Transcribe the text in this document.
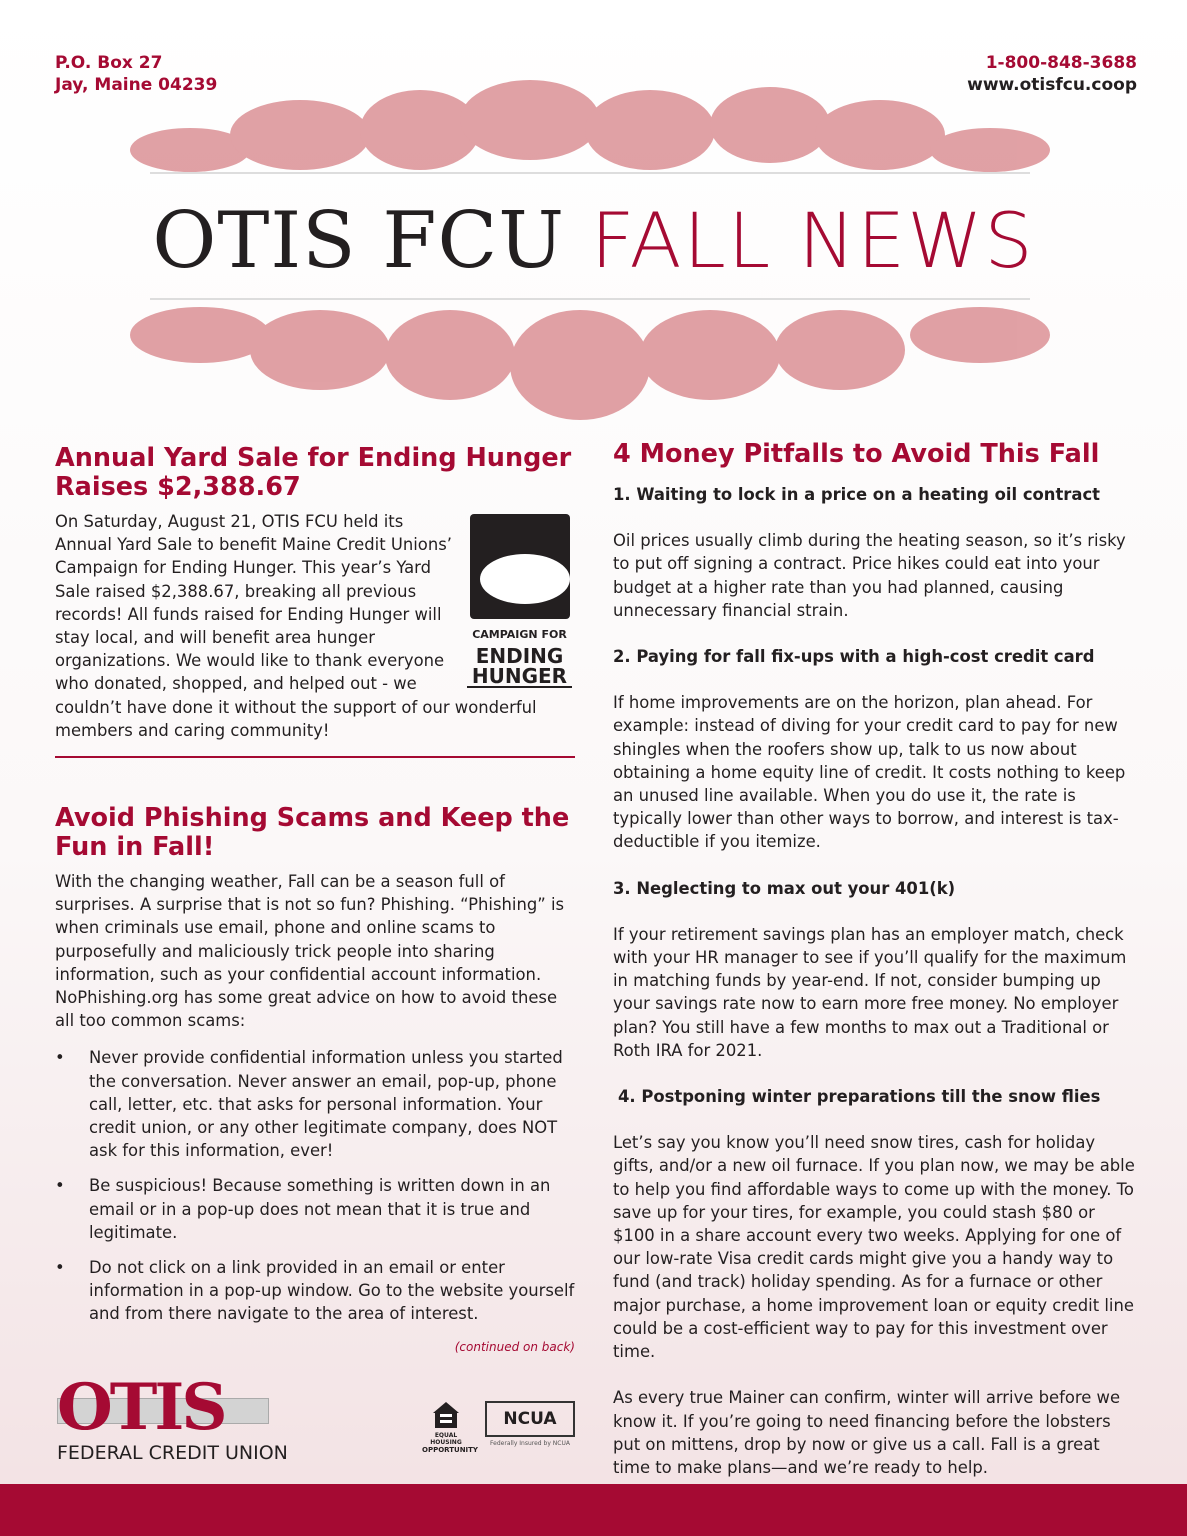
P.O. Box 27
Jay, Maine 04239
1-800-848-3688
www.otisfcu.coop
OTIS FCU FALL NEWS
Annual Yard Sale for Ending Hunger Raises $2,388.67
CAMPAIGN FOR
ENDING
HUNGER

On Saturday, August 21, OTIS FCU held its Annual Yard Sale to benefit Maine Credit Unions’ Campaign for Ending Hunger. This year’s Yard Sale raised $2,388.67, breaking all previous records! All funds raised for Ending Hunger will stay local, and will benefit area hunger organizations. We would like to thank everyone who donated, shopped, and helped out - we couldn’t have done it without the support of our wonderful members and caring community!

Avoid Phishing Scams and Keep the Fun in Fall!

With the changing weather, Fall can be a season full of surprises. A surprise that is not so fun? Phishing. “Phishing” is when criminals use email, phone and online scams to purposefully and maliciously trick people into sharing information, such as your confidential account information. NoPhishing.org has some great advice on how to avoid these all too common scams:

• Never provide confidential information unless you started the conversation. Never answer an email, pop-up, phone call, letter, etc. that asks for personal information. Your credit union, or any other legitimate company, does NOT ask for this information, ever!
• Be suspicious! Because something is written down in an email or in a pop-up does not mean that it is true and legitimate.
• Do not click on a link provided in an email or enter information in a pop-up window. Go to the website yourself and from there navigate to the area of interest.
(continued on back)
4 Money Pitfalls to Avoid This Fall
1. Waiting to lock in a price on a heating oil contract

Oil prices usually climb during the heating season, so it’s risky to put off signing a contract. Price hikes could eat into your budget at a higher rate than you had planned, causing unnecessary financial strain.

2. Paying for fall fix-ups with a high-cost credit card

If home improvements are on the horizon, plan ahead. For example: instead of diving for your credit card to pay for new shingles when the roofers show up, talk to us now about obtaining a home equity line of credit. It costs nothing to keep an unused line available. When you do use it, the rate is typically lower than other ways to borrow, and interest is tax-deductible if you itemize.

3. Neglecting to max out your 401(k)

If your retirement savings plan has an employer match, check with your HR manager to see if you’ll qualify for the maximum in matching funds by year-end. If not, consider bumping up your savings rate now to earn more free money. No employer plan? You still have a few months to max out a Traditional or Roth IRA for 2021.

4. Postponing winter preparations till the snow flies

Let’s say you know you’ll need snow tires, cash for holiday gifts, and/or a new oil furnace. If you plan now, we may be able to help you find affordable ways to come up with the money. To save up for your tires, for example, you could stash $80 or $100 in a share account every two weeks. Applying for one of our low-rate Visa credit cards might give you a handy way to fund (and track) holiday spending. As for a furnace or other major purchase, a home improvement loan or equity credit line could be a cost-efficient way to pay for this investment over time.

As every true Mainer can confirm, winter will arrive before we know it. If you’re going to need financing before the lobsters put on mittens, drop by now or give us a call. Fall is a great time to make plans—and we’re ready to help.

OTIS
FEDERAL CREDIT UNION
EQUAL HOUSING
OPPORTUNITY
NCUA
Federally Insured by NCUA
